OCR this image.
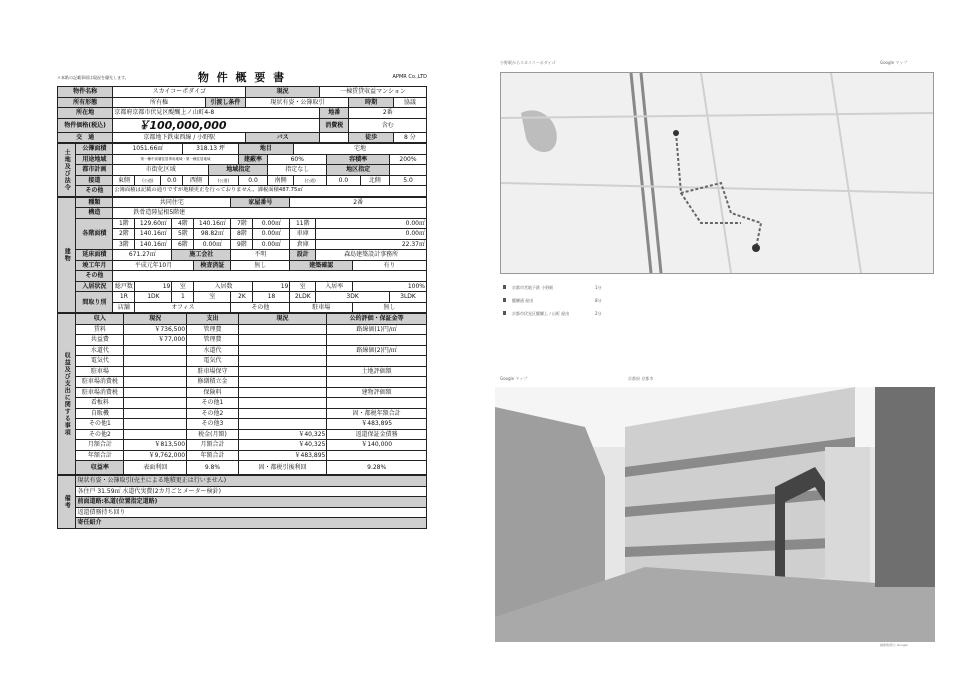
＊本紙の記載事項は現況を優先します。	物 件 概 要 書	APMR Co.,LTD
物件名称	スカイコーポダイゴ		現況	一棟賃貸収益マンション		
所有形態	所有権	引渡し条件	現状有姿・公簿取引		時期	協議
所在地	京都府京都市伏見区醍醐上ノ山町4-8			地番	2番	
物件価格(税込)	￥100,000,000			消費税	含む	
交　通	京都地下鉄東西線 / 小野駅		バス		徒歩	8 分
土地及び法令	公簿面積	1051.66㎡			318.13 坪		地目		宅地			
	用途地域	第一種中高層住居専用地域・第一種住居地域					建蔽率	60%		容積率		200%
	都市計画	市街化区域				地域指定		指定なし		地区指定		
	接道	東側	(公道)	0.0	西側	(公道)	0.0	南側	(公道)	0.0	北側	5.0
	その他	公簿面積は記載の通りですが地積更正を行っておりません。課税面積487.75㎡										
建物	種類	共同住宅				家屋番号		2番			
	構造	鉄骨造陸屋根5階建									
	各階面積	1階	129.60㎡	4階	140.16㎡	7階	0.00㎡	11階	0.00㎡		
		2階	140.16㎡	5階	98.82㎡	8階	0.00㎡	車庫	0.00㎡		
		3階	140.16㎡	6階	0.00㎡	9階	0.00㎡	倉庫	22.37㎡		
	延床面積	671.27㎡		施工会社		不明		設計	森島建築設計事務所		
	竣工年月	平成元年10月			検査済証	無し		建築確認		有り	
	その他										
	入居状況	総戸数	19	室	入居数		19	室	入居率	100%	
	間取り別	1R	1DK	1	室	2K	18	2LDK	3DK		3LDK
		店舗	オフィス			その他		駐車場		無し	
収益及び支出に関する事項	収入	現況	支出	現況	公的評価・保証金等
	賃料	￥736,500	管理費		路線価(1)円/㎡
	共益費	￥77,000	管理費		
	水道代		水道代		路線価(2)円/㎡
	電気代		電気代		
	駐車場		駐車場保守		土地評価額
	駐車場消費税		修繕積立金		
	駐車場消費税		保険料		建物評価額
	看板料		その他1		
	自販機		その他2		固・都税年額合計
	その他1		その他3		￥483,895
	その他2		税金(月額)	￥40,325	返還保証金債務
	月額合計	￥813,500	月額合計	￥40,325	￥140,000
	年額合計	￥9,762,000	年額合計	￥483,895	
	収益率	表面利回	9.8%	固・都税引後利回	9.28%
備考	現状有姿・公簿取引(売主による地積更正は行いません)
各住戸 31.59㎡ 水道代実費(2カ月ごとメーター検針)
前面道路:私道(位置指定道路)
返還債務持ち回り
寄任紹介
小野駅からスカイコーポダイゴ	Google マップ
京都市営地下鉄 小野駅	1分
醍醐通 経由	8分
京都市伏見区醍醐上ノ山町 経由	2分
Google マップ	京都府 京都市
画像取得日: Google
